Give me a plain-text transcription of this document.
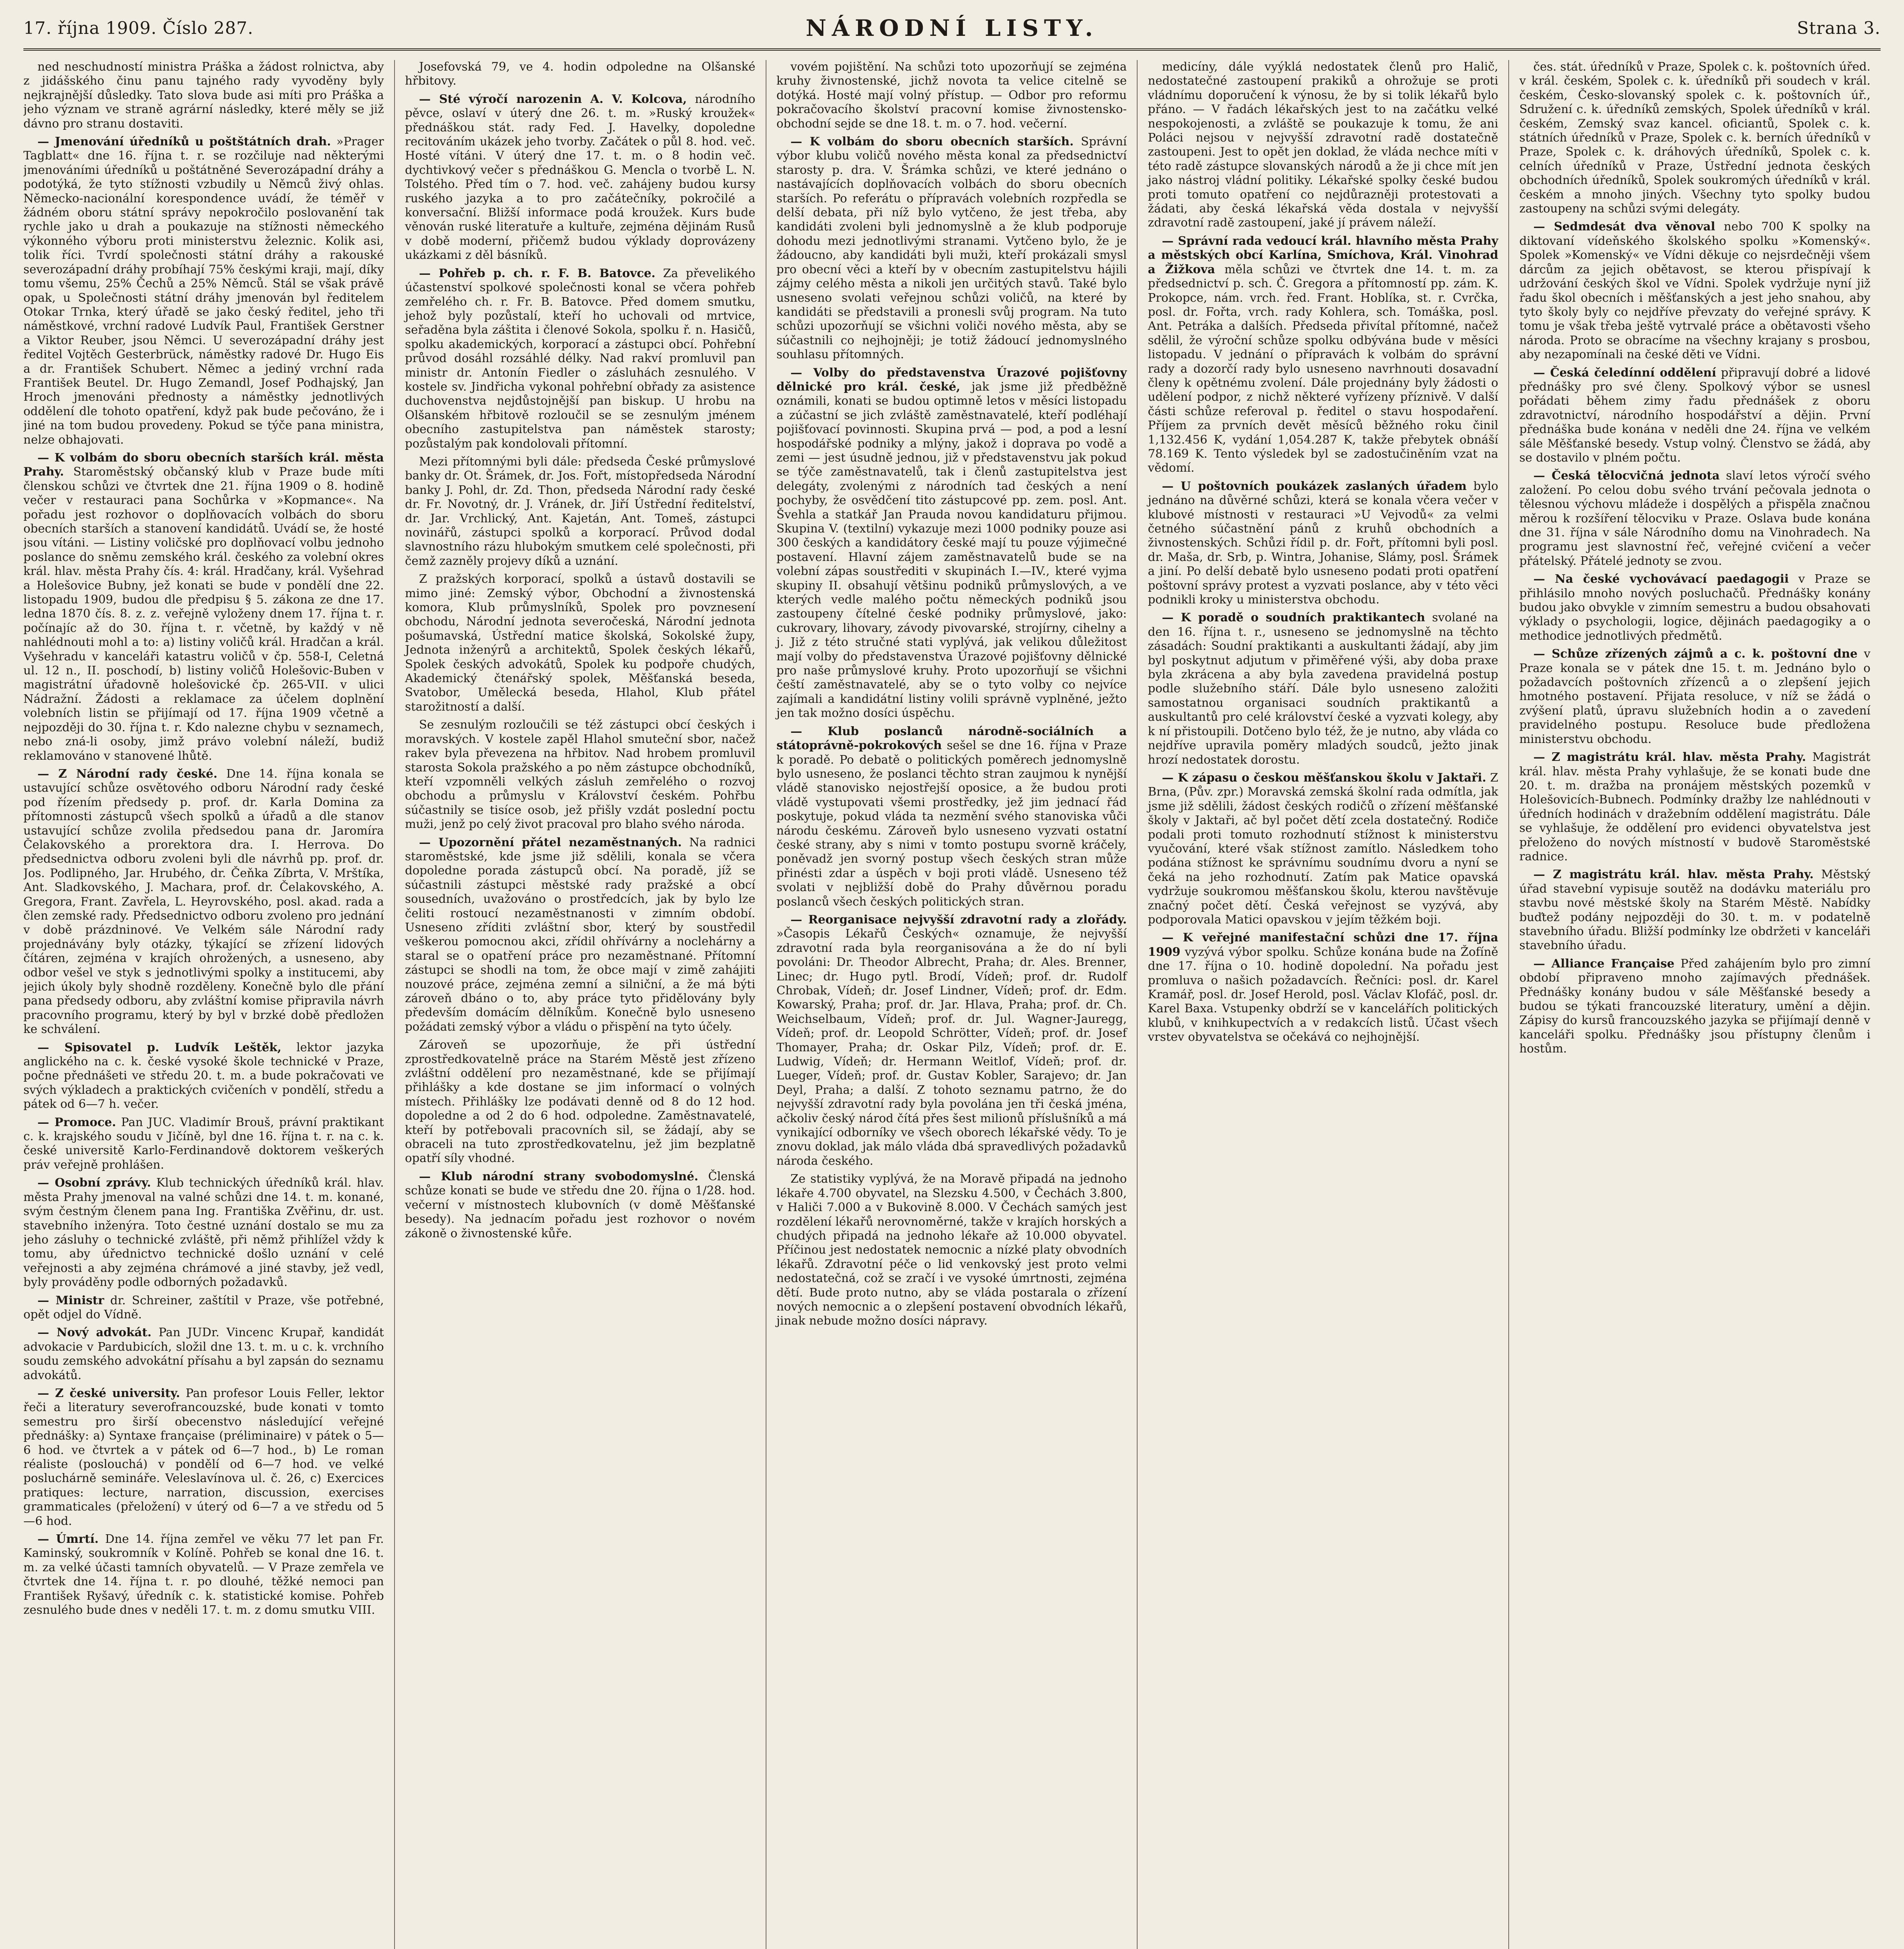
17. října 1909. Číslo 287.	NÁRODNÍ LISTY.	Strana 3.

ned neschudností ministra Práška a žádost rolnictva, aby z jidášského činu panu tajného rady vyvoděny byly nejkrajnější důsledky. Tato slova bude asi míti pro Práška a jeho význam ve straně agrární následky, které měly se již dávno pro stranu dostaviti.

— Jmenování úředníků u poštštátních drah. »Prager Tagblatt« dne 16. října t. r. se rozčiluje nad některými jmenováními úředníků u poštátněné Severozápadní dráhy a podotýká, že tyto stížnosti vzbudily u Němců živý ohlas. Německo-nacionální korespondence uvádí, že téměř v žádném oboru státní správy nepokročilo poslovanění tak rychle jako u drah a poukazuje na stížnosti německého výkonného výboru proti ministerstvu železnic. Kolik asi, tolik říci. Tvrdí společnosti státní dráhy a rakouské severozápadní dráhy probíhají 75% českými kraji, mají, díky tomu všemu, 25% Čechů a 25% Němců. Stál se však právě opak, u Společnosti státní dráhy jmenován byl ředitelem Otokar Trnka, který úřadě se jako český ředitel, jeho tři náměstkové, vrchní radové Ludvík Paul, František Gerstner a Viktor Reuber, jsou Němci. U severozápadní dráhy jest ředitel Vojtěch Gesterbrück, náměstky radové Dr. Hugo Eis a dr. František Schubert. Němec a jediný vrchní rada František Beutel. Dr. Hugo Zemandl, Josef Podhajský, Jan Hroch jmenováni přednosty a náměstky jednotlivých oddělení dle tohoto opatření, když pak bude pečováno, že i jiné na tom budou provedeny. Pokud se týče pana ministra, nelze obhajovati.

— K volbám do sboru obecních starších král. města Prahy. Staroměstský občanský klub v Praze bude míti členskou schůzi ve čtvrtek dne 21. října 1909 o 8. hodině večer v restauraci pana Sochůrka v »Kopmance«. Na pořadu jest rozhovor o doplňovacích volbách do sboru obecních starších a stanovení kandidátů. Uvádí se, že hosté jsou vítáni. — Listiny voličské pro doplňovací volbu jednoho poslance do sněmu zemského král. českého za volební okres král. hlav. města Prahy čís. 4: král. Hradčany, král. Vyšehrad a Holešovice Bubny, jež konati se bude v pondělí dne 22. listopadu 1909, budou dle předpisu § 5. zákona ze dne 17. ledna 1870 čís. 8. z. z. veřejně vyloženy dnem 17. října t. r. počínajíc až do 30. října t. r. včetně, by každý v ně nahlédnouti mohl a to: a) listiny voličů král. Hradčan a král. Vyšehradu v kanceláři katastru voličů v čp. 558-I, Celetná ul. 12 n., II. poschodí, b) listiny voličů Holešovic-Buben v magistrátní úřadovně holešovické čp. 265-VII. v ulici Nádražní. Žádosti a reklamace za účelem doplnění volebních listin se přijímají od 17. října 1909 včetně a nejpozději do 30. října t. r. Kdo nalezne chybu v seznamech, nebo zná-li osoby, jimž právo volební náleží, budiž reklamováno v stanovené lhůtě.

— Z Národní rady české. Dne 14. října konala se ustavující schůze osvětového odboru Národní rady české pod řízením předsedy p. prof. dr. Karla Domina za přítomnosti zástupců všech spolků a úřadů a dle stanov ustavující schůze zvolila předsedou pana dr. Jaromíra Čelakovského a prorektora dra. I. Herrova. Do předsednictva odboru zvoleni byli dle návrhů pp. prof. dr. Jos. Podlipného, Jar. Hrubého, dr. Čeňka Zíbrta, V. Mrštíka, Ant. Sladkovského, J. Machara, prof. dr. Čelakovského, A. Gregora, Frant. Zavřela, L. Heyrovského, posl. akad. rada a člen zemské rady. Předsednictvo odboru zvoleno pro jednání v době prázdninové. Ve Velkém sále Národní rady projednávány byly otázky, týkající se zřízení lidových čítáren, zejména v krajích ohrožených, a usneseno, aby odbor vešel ve styk s jednotlivými spolky a institucemi, aby jejich úkoly byly shodně rozděleny. Konečně bylo dle přání pana předsedy odboru, aby zvláštní komise připravila návrh pracovního programu, který by byl v brzké době předložen ke schválení.

— Spisovatel p. Ludvík Leštěk, lektor jazyka anglického na c. k. české vysoké škole technické v Praze, počne přednášeti ve středu 20. t. m. a bude pokračovati ve svých výkladech a praktických cvičeních v pondělí, středu a pátek od 6—7 h. večer.

— Promoce. Pan JUC. Vladimír Brouš, právní praktikant c. k. krajského soudu v Jičíně, byl dne 16. října t. r. na c. k. české universitě Karlo-Ferdinandově doktorem veškerých práv veřejně prohlášen.

— Osobní zprávy. Klub technických úředníků král. hlav. města Prahy jmenoval na valné schůzi dne 14. t. m. konané, svým čestným členem pana Ing. Františka Zvěřinu, dr. ust. stavebního inženýra. Toto čestné uznání dostalo se mu za jeho zásluhy o technické zvláště, při němž přihlížel vždy k tomu, aby úřednictvo technické došlo uznání v celé veřejnosti a aby zejména chrámové a jiné stavby, jež vedl, byly prováděny podle odborných požadavků.

— Ministr dr. Schreiner, zaštítil v Praze, vše potřebné, opět odjel do Vídně.

— Nový advokát. Pan JUDr. Vincenc Krupař, kandidát advokacie v Pardubicích, složil dne 13. t. m. u c. k. vrchního soudu zemského advokátní přísahu a byl zapsán do seznamu advokátů.

— Z české university. Pan profesor Louis Feller, lektor řeči a literatury severofrancouzské, bude konati v tomto semestru pro širší obecenstvo následující veřejné přednášky: a) Syntaxe française (préliminaire) v pátek o 5—6 hod. ve čtvrtek a v pátek od 6—7 hod., b) Le roman réaliste (poslouchá) v pondělí od 6—7 hod. ve velké posluchárně semináře. Veleslavínova ul. č. 26, c) Exercices pratiques: lecture, narration, discussion, exercises grammaticales (přeložení) v úterý od 6—7 a ve středu od 5—6 hod.

— Úmrtí. Dne 14. října zemřel ve věku 77 let pan Fr. Kaminský, soukromník v Kolíně. Pohřeb se konal dne 16. t. m. za velké účasti tamních obyvatelů. — V Praze zemřela ve čtvrtek dne 14. října t. r. po dlouhé, těžké nemoci pan František Ryšavý, úředník c. k. statistické komise. Pohřeb zesnulého bude dnes v neděli 17. t. m. z domu smutku VIII.

Josefovská 79, ve 4. hodin odpoledne na Olšanské hřbitovy.

— Sté výročí narozenin A. V. Kolcova, národního pěvce, oslaví v úterý dne 26. t. m. »Ruský kroužek« přednáškou stát. rady Fed. J. Havelky, dopoledne recitováním ukázek jeho tvorby. Začátek o půl 8. hod. več. Hosté vítáni. V úterý dne 17. t. m. o 8 hodin več. dychtivkový večer s přednáškou G. Mencla o tvorbě L. N. Tolstého. Před tím o 7. hod. več. zahájeny budou kursy ruského jazyka a to pro začátečníky, pokročilé a konversační. Bližší informace podá kroužek. Kurs bude věnován ruské literatuře a kultuře, zejména dějinám Rusů v době moderní, přičemž budou výklady doprovázeny ukázkami z děl básníků.

— Pohřeb p. ch. r. F. B. Batovce. Za převelikého účastenství spolkové společnosti konal se včera pohřeb zemřelého ch. r. Fr. B. Batovce. Před domem smutku, jehož byly pozůstalí, kteří ho uchovali od mrtvice, seřaděna byla záštita i členové Sokola, spolku ř. n. Hasičů, spolku akademických, korporací a zástupci obcí. Pohřební průvod dosáhl rozsáhlé délky. Nad rakví promluvil pan ministr dr. Antonín Fiedler o zásluhách zesnulého. V kostele sv. Jindřicha vykonal pohřební obřady za asistence duchovenstva nejdůstojnější pan biskup. U hrobu na Olšanském hřbitově rozloučil se se zesnulým jménem obecního zastupitelstva pan náměstek starosty; pozůstalým pak kondolovali přítomní.

Mezi přítomnými byli dále: předseda České průmyslové banky dr. Ot. Šrámek, dr. Jos. Fořt, místopředseda Národní banky J. Pohl, dr. Zd. Thon, předseda Národní rady české dr. Fr. Novotný, dr. J. Vránek, dr. Jiří Ústřední ředitelství, dr. Jar. Vrchlický, Ant. Kajetán, Ant. Tomeš, zástupci novinářů, zástupci spolků a korporací. Průvod dodal slavnostního rázu hlubokým smutkem celé společnosti, při čemž zazněly projevy díků a uznání.

Z pražských korporací, spolků a ústavů dostavili se mimo jiné: Zemský výbor, Obchodní a živnostenská komora, Klub průmyslníků, Spolek pro povznesení obchodu, Národní jednota severočeská, Národní jednota pošumavská, Ústřední matice školská, Sokolské župy, Jednota inženýrů a architektů, Spolek českých lékařů, Spolek českých advokátů, Spolek ku podpoře chudých, Akademický čtenářský spolek, Měšťanská beseda, Svatobor, Umělecká beseda, Hlahol, Klub přátel starožitností a další.

Se zesnulým rozloučili se též zástupci obcí českých i moravských. V kostele zapěl Hlahol smuteční sbor, načež rakev byla převezena na hřbitov. Nad hrobem promluvil starosta Sokola pražského a po něm zástupce obchodníků, kteří vzpomněli velkých zásluh zemřelého o rozvoj obchodu a průmyslu v Království českém. Pohřbu súčastnily se tisíce osob, jež přišly vzdát poslední poctu muži, jenž po celý život pracoval pro blaho svého národa.

— Upozornění přátel nezaměstnaných. Na radnici staroměstské, kde jsme již sdělili, konala se včera dopoledne porada zástupců obcí. Na poradě, jíž se súčastnili zástupci městské rady pražské a obcí sousedních, uvažováno o prostředcích, jak by bylo lze čeliti rostoucí nezaměstnanosti v zimním období. Usneseno zříditi zvláštní sbor, který by soustředil veškerou pomocnou akci, zřídil ohřívárny a noclehárny a staral se o opatření práce pro nezaměstnané. Přítomní zástupci se shodli na tom, že obce mají v zimě zahájiti nouzové práce, zejména zemní a silniční, a že má býti zároveň dbáno o to, aby práce tyto přidělovány byly především domácím dělníkům. Konečně bylo usneseno požádati zemský výbor a vládu o přispění na tyto účely.

Zároveň se upozorňuje, že při ústřední zprostředkovatelně práce na Starém Městě jest zřízeno zvláštní oddělení pro nezaměstnané, kde se přijímají přihlášky a kde dostane se jim informací o volných místech. Přihlášky lze podávati denně od 8 do 12 hod. dopoledne a od 2 do 6 hod. odpoledne. Zaměstnavatelé, kteří by potřebovali pracovních sil, se žádají, aby se obraceli na tuto zprostředkovatelnu, jež jim bezplatně opatří síly vhodné.

— Klub národní strany svobodomyslné. Členská schůze konati se bude ve středu dne 20. října o 1/28. hod. večerní v místnostech klubovních (v domě Měšťanské besedy). Na jednacím pořadu jest rozhovor o novém zákoně o živnostenské kůře.

vovém pojištění. Na schůzi toto upozorňují se zejména kruhy živnostenské, jichž novota ta velice citelně se dotýká. Hosté mají volný přístup. — Odbor pro reformu pokračovacího školství pracovní komise živnostensko-obchodní sejde se dne 18. t. m. o 7. hod. večerní.

— K volbám do sboru obecních starších. Správní výbor klubu voličů nového města konal za předsednictví starosty p. dra. V. Šrámka schůzi, ve které jednáno o nastávajících doplňovacích volbách do sboru obecních starších. Po referátu o přípravách volebních rozpředla se delší debata, při níž bylo vytčeno, že jest třeba, aby kandidáti zvoleni byli jednomyslně a že klub podporuje dohodu mezi jednotlivými stranami. Vytčeno bylo, že je žádoucno, aby kandidáti byli muži, kteří prokázali smysl pro obecní věci a kteří by v obecním zastupitelstvu hájili zájmy celého města a nikoli jen určitých stavů. Také bylo usneseno svolati veřejnou schůzi voličů, na které by kandidáti se představili a pronesli svůj program. Na tuto schůzi upozorňují se všichni voliči nového města, aby se súčastnili co nejhojněji; je totiž žádoucí jednomyslného souhlasu přítomných.

— Volby do představenstva Úrazové pojišťovny dělnické pro král. české, jak jsme již předběžně oznámili, konati se budou optimně letos v měsíci listopadu a zúčastní se jich zvláště zaměstnavatelé, kteří podléhají pojišťovací povinnosti. Skupina prvá — pod, a pod a lesní hospodářské podniky a mlýny, jakož i doprava po vodě a zemi — jest úsudně jednou, již v představenstvu jak pokud se týče zaměstnavatelů, tak i členů zastupitelstva jest delegáty, zvolenými z národních tad českých a není pochyby, že osvědčení tito zástupcové pp. zem. posl. Ant. Švehla a statkář Jan Prauda novou kandidaturu přijmou. Skupina V. (textilní) vykazuje mezi 1000 podniky pouze asi 300 českých a kandidátory české mají tu pouze výjimečné postavení. Hlavní zájem zaměstnavatelů bude se na volební zápas soustřediti v skupinách I.—IV., které vyjma skupiny II. obsahují většinu podniků průmyslových, a ve kterých vedle malého počtu německých podniků jsou zastoupeny čítelné české podniky průmyslové, jako: cukrovary, lihovary, závody pivovarské, strojírny, cihelny a j. Již z této stručné stati vyplývá, jak velikou důležitost mají volby do představenstva Úrazové pojišťovny dělnické pro naše průmyslové kruhy. Proto upozorňují se všichni čeští zaměstnavatelé, aby se o tyto volby co nejvíce zajímali a kandidátní listiny volili správně vyplněné, ježto jen tak možno dosíci úspěchu.

— Klub poslanců národně-sociálních a státoprávně-pokrokových sešel se dne 16. října v Praze k poradě. Po debatě o politických poměrech jednomyslně bylo usneseno, že poslanci těchto stran zaujmou k nynější vládě stanovisko nejostřejší oposice, a že budou proti vládě vystupovati všemi prostředky, jež jim jednací řád poskytuje, pokud vláda ta nezmění svého stanoviska vůči národu českému. Zároveň bylo usneseno vyzvati ostatní české strany, aby s nimi v tomto postupu svorně kráčely, poněvadž jen svorný postup všech českých stran může přinésti zdar a úspěch v boji proti vládě. Usneseno též svolati v nejbližší době do Prahy důvěrnou poradu poslanců všech českých politických stran.

— Reorganisace nejvyšší zdravotní rady a zlořády. »Časopis Lékařů Českých« oznamuje, že nejvyšší zdravotní rada byla reorganisována a že do ní byli povoláni: Dr. Theodor Albrecht, Praha; dr. Ales. Brenner, Linec; dr. Hugo pytl. Brodí, Vídeň; prof. dr. Rudolf Chrobak, Vídeň; dr. Josef Lindner, Vídeň; prof. dr. Edm. Kowarský, Praha; prof. dr. Jar. Hlava, Praha; prof. dr. Ch. Weichselbaum, Vídeň; prof. dr. Jul. Wagner-Jauregg, Vídeň; prof. dr. Leopold Schrötter, Vídeň; prof. dr. Josef Thomayer, Praha; dr. Oskar Pilz, Vídeň; prof. dr. E. Ludwig, Vídeň; dr. Hermann Weitlof, Vídeň; prof. dr. Lueger, Vídeň; prof. dr. Gustav Kobler, Sarajevo; dr. Jan Deyl, Praha; a další. Z tohoto seznamu patrno, že do nejvyšší zdravotní rady byla povolána jen tři česká jména, ačkoliv český národ čítá přes šest milionů příslušníků a má vynikající odborníky ve všech oborech lékařské vědy. To je znovu doklad, jak málo vláda dbá spravedlivých požadavků národa českého.

Ze statistiky vyplývá, že na Moravě připadá na jednoho lékaře 4.700 obyvatel, na Slezsku 4.500, v Čechách 3.800, v Haliči 7.000 a v Bukovině 8.000. V Čechách samých jest rozdělení lékařů nerovnoměrné, takže v krajích horských a chudých připadá na jednoho lékaře až 10.000 obyvatel. Příčinou jest nedostatek nemocnic a nízké platy obvodních lékařů. Zdravotní péče o lid venkovský jest proto velmi nedostatečná, což se zračí i ve vysoké úmrtnosti, zejména dětí. Bude proto nutno, aby se vláda postarala o zřízení nových nemocnic a o zlepšení postavení obvodních lékařů, jinak nebude možno dosíci nápravy.

medicíny, dále vyýklá nedostatek členů pro Halič, nedostatečné zastoupení prakiků a ohrožuje se proti vládnímu doporučení k výnosu, že by si tolik lékařů bylo přáno. — V řadách lékařských jest to na začátku velké nespokojenosti, a zvláště se poukazuje k tomu, že ani Poláci nejsou v nejvyšší zdravotní radě dostatečně zastoupeni. Jest to opět jen doklad, že vláda nechce míti v této radě zástupce slovanských národů a že ji chce mít jen jako nástroj vládní politiky. Lékařské spolky české budou proti tomuto opatření co nejdůrazněji protestovati a žádati, aby česká lékařská věda dostala v nejvyšší zdravotní radě zastoupení, jaké jí právem náleží.

— Správní rada vedoucí král. hlavního města Prahy a městských obcí Karlína, Smíchova, Král. Vinohrad a Žižkova měla schůzi ve čtvrtek dne 14. t. m. za předsednictví p. sch. Č. Gregora a přítomností pp. zám. K. Prokopce, nám. vrch. řed. Frant. Hoblíka, st. r. Cvrčka, posl. dr. Fořta, vrch. rady Kohlera, sch. Tomáška, posl. Ant. Petráka a dalších. Předseda přivítal přítomné, načež sdělil, že výroční schůze spolku odbývána bude v měsíci listopadu. V jednání o přípravách k volbám do správní rady a dozorčí rady bylo usneseno navrhnouti dosavadní členy k opětnému zvolení. Dále projednány byly žádosti o udělení podpor, z nichž některé vyřízeny příznivě. V další části schůze referoval p. ředitel o stavu hospodaření. Příjem za prvních devět měsíců běžného roku činil 1,132.456 K, vydání 1,054.287 K, takže přebytek obnáší 78.169 K. Tento výsledek byl se zadostučiněním vzat na vědomí.

— U poštovních poukázek zaslaných úřadem bylo jednáno na důvěrné schůzi, která se konala včera večer v klubové místnosti v restauraci »U Vejvodů« za velmi četného súčastnění pánů z kruhů obchodních a živnostenských. Schůzi řídil p. dr. Fořt, přítomni byli posl. dr. Maša, dr. Srb, p. Wintra, Johanise, Slámy, posl. Šrámek a jiní. Po delší debatě bylo usneseno podati proti opatření poštovní správy protest a vyzvati poslance, aby v této věci podnikli kroky u ministerstva obchodu.

— K poradě o soudních praktikantech svolané na den 16. října t. r., usneseno se jednomyslně na těchto zásadách: Soudní praktikanti a auskultanti žádají, aby jim byl poskytnut adjutum v přiměřené výši, aby doba praxe byla zkrácena a aby byla zavedena pravidelná postup podle služebního stáří. Dále bylo usneseno založiti samostatnou organisaci soudních praktikantů a auskultantů pro celé království české a vyzvati kolegy, aby k ní přistoupili. Dotčeno bylo též, že je nutno, aby vláda co nejdříve upravila poměry mladých soudců, ježto jinak hrozí nedostatek dorostu.

— K zápasu o českou měšťanskou školu v Jaktaři. Z Brna, (Pův. zpr.) Moravská zemská školní rada odmítla, jak jsme již sdělili, žádost českých rodičů o zřízení měšťanské školy v Jaktaři, ač byl počet dětí zcela dostatečný. Rodiče podali proti tomuto rozhodnutí stížnost k ministerstvu vyučování, které však stížnost zamítlo. Následkem toho podána stížnost ke správnímu soudnímu dvoru a nyní se čeká na jeho rozhodnutí. Zatím pak Matice opavská vydržuje soukromou měšťanskou školu, kterou navštěvuje značný počet dětí. Česká veřejnost se vyzývá, aby podporovala Matici opavskou v jejím těžkém boji.

— K veřejné manifestační schůzi dne 17. října 1909 vyzývá výbor spolku. Schůze konána bude na Žofíně dne 17. října o 10. hodině dopolední. Na pořadu jest promluva o našich požadavcích. Řečníci: posl. dr. Karel Kramář, posl. dr. Josef Herold, posl. Václav Klofáč, posl. dr. Karel Baxa. Vstupenky obdrží se v kancelářích politických klubů, v knihkupectvích a v redakcích listů. Účast všech vrstev obyvatelstva se očekává co nejhojnější.

čes. stát. úředníků v Praze, Spolek c. k. poštovních úřed. v král. českém, Spolek c. k. úředníků při soudech v král. českém, Česko-slovanský spolek c. k. poštovních úř., Sdružení c. k. úředníků zemských, Spolek úředníků v král. českém, Zemský svaz kancel. oficiantů, Spolek c. k. státních úředníků v Praze, Spolek c. k. berních úředníků v Praze, Spolek c. k. dráhových úředníků, Spolek c. k. celních úředníků v Praze, Ústřední jednota českých obchodních úředníků, Spolek soukromých úředníků v král. českém a mnoho jiných. Všechny tyto spolky budou zastoupeny na schůzi svými delegáty.

— Sedmdesát dva věnoval nebo 700 K spolky na diktovaní vídeňského školského spolku »Komenský«. Spolek »Komenský« ve Vídni děkuje co nejsrdečněji všem dárcům za jejich obětavost, se kterou přispívají k udržování českých škol ve Vídni. Spolek vydržuje nyní již řadu škol obecních i měšťanských a jest jeho snahou, aby tyto školy byly co nejdříve převzaty do veřejné správy. K tomu je však třeba ještě vytrvalé práce a obětavosti všeho národa. Proto se obracíme na všechny krajany s prosbou, aby nezapomínali na české děti ve Vídni.

— Česká čeledínní oddělení připravují dobré a lidové přednášky pro své členy. Spolkový výbor se usnesl pořádati během zimy řadu přednášek z oboru zdravotnictví, národního hospodářství a dějin. První přednáška bude konána v neděli dne 24. října ve velkém sále Měšťanské besedy. Vstup volný. Členstvo se žádá, aby se dostavilo v plném počtu.

— Česká tělocvičná jednota slaví letos výročí svého založení. Po celou dobu svého trvání pečovala jednota o tělesnou výchovu mládeže i dospělých a přispěla značnou měrou k rozšíření tělocviku v Praze. Oslava bude konána dne 31. října v sále Národního domu na Vinohradech. Na programu jest slavnostní řeč, veřejné cvičení a večer přátelský. Přátelé jednoty se zvou.

— Na české vychovávací paedagogii v Praze se přihlásilo mnoho nových posluchačů. Přednášky konány budou jako obvykle v zimním semestru a budou obsahovati výklady o psychologii, logice, dějinách paedagogiky a o methodice jednotlivých předmětů.

— Schůze zřízených zájmů a c. k. poštovní dne v Praze konala se v pátek dne 15. t. m. Jednáno bylo o požadavcích poštovních zřízenců a o zlepšení jejich hmotného postavení. Přijata resoluce, v níž se žádá o zvýšení platů, úpravu služebních hodin a o zavedení pravidelného postupu. Resoluce bude předložena ministerstvu obchodu.

— Z magistrátu král. hlav. města Prahy. Magistrát král. hlav. města Prahy vyhlašuje, že se konati bude dne 20. t. m. dražba na pronájem městských pozemků v Holešovicích-Bubnech. Podmínky dražby lze nahlédnouti v úředních hodinách v dražebním oddělení magistrátu. Dále se vyhlašuje, že oddělení pro evidenci obyvatelstva jest přeloženo do nových místností v budově Staroměstské radnice.

— Z magistrátu král. hlav. města Prahy. Městský úřad stavební vypisuje soutěž na dodávku materiálu pro stavbu nové městské školy na Starém Městě. Nabídky buďtež podány nejpozději do 30. t. m. v podatelně stavebního úřadu. Bližší podmínky lze obdržeti v kanceláři stavebního úřadu.

— Alliance Française Před zahájením bylo pro zimní období připraveno mnoho zajímavých přednášek. Přednášky konány budou v sále Měšťanské besedy a budou se týkati francouzské literatury, umění a dějin. Zápisy do kursů francouzského jazyka se přijímají denně v kanceláři spolku. Přednášky jsou přístupny členům i hostům.
